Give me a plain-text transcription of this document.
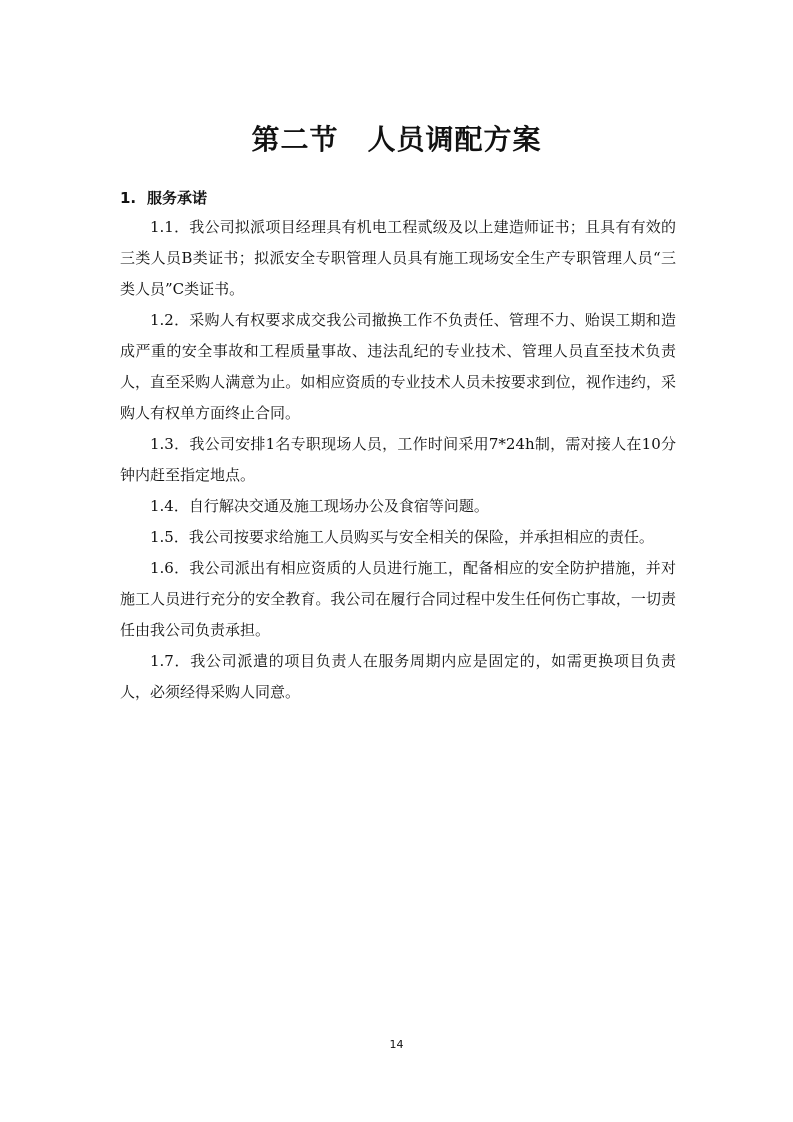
第二节　人员调配方案
1. 服务承诺

1.1．我公司拟派项目经理具有机电工程贰级及以上建造师证书；且具有有效的三类人员B类证书；拟派安全专职管理人员具有施工现场安全生产专职管理人员“三类人员”C类证书。

1.2．采购人有权要求成交我公司撤换工作不负责任、管理不力、贻误工期和造成严重的安全事故和工程质量事故、违法乱纪的专业技术、管理人员直至技术负责人，直至采购人满意为止。如相应资质的专业技术人员未按要求到位，视作违约，采购人有权单方面终止合同。

1.3．我公司安排1名专职现场人员，工作时间采用7*24h制，需对接人在10分钟内赶至指定地点。

1.4．自行解决交通及施工现场办公及食宿等问题。

1.5．我公司按要求给施工人员购买与安全相关的保险，并承担相应的责任。

1.6．我公司派出有相应资质的人员进行施工，配备相应的安全防护措施，并对施工人员进行充分的安全教育。我公司在履行合同过程中发生任何伤亡事故，一切责任由我公司负责承担。

1.7．我公司派遣的项目负责人在服务周期内应是固定的，如需更换项目负责人，必须经得采购人同意。

14
